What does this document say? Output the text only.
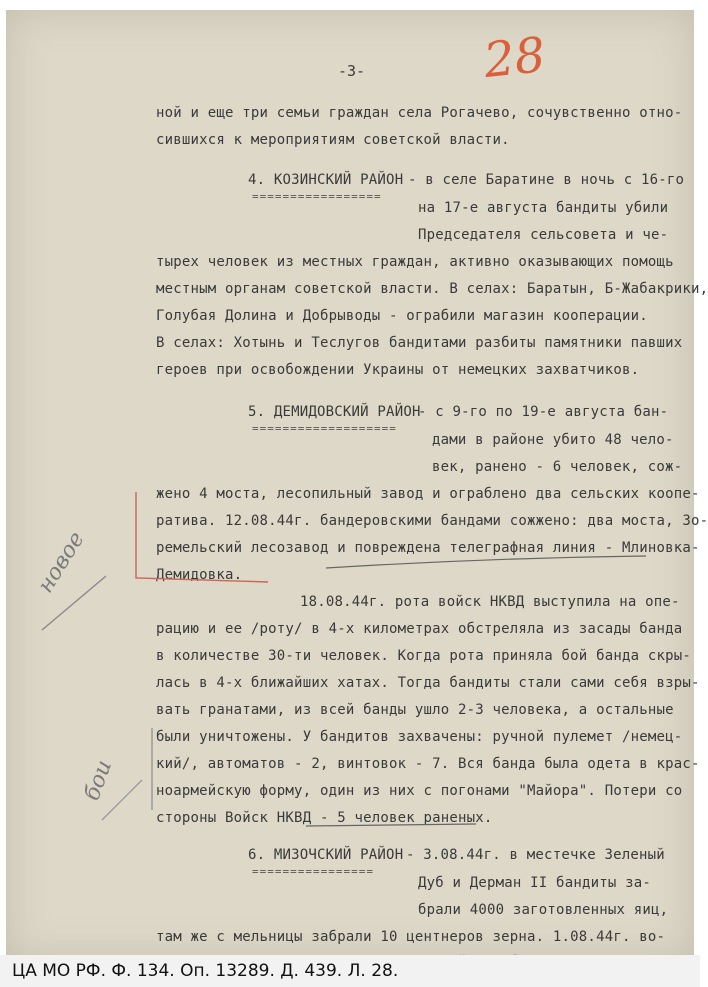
-3- 28
ной и еще три семьи граждан села Рогачево, сочувственно отно-
сившихся к мероприятиям советской власти.
4. КОЗИНСКИЙ РАЙОН - в селе Баратине в ночь с 16-го
=================
на 17-е августа бандиты убили
Председателя сельсовета и че-
тырех человек из местных граждан, активно оказывающих помощь
местным органам советской власти. В селах: Баратын, Б-Жабакрики,
Голубая Долина и Добрыводы - ограбили магазин кооперации.
В селах: Хотынь и Теслугов бандитами разбиты памятники павших
героев при освобождении Украины от немецких захватчиков.
5. ДЕМИДОВСКИЙ РАЙОН
- с 9-го по 19-е августа бан-
===================
дами в районе убито 48 чело-
век, ранено - 6 человек, сож-
жено 4 моста, лесопильный завод и ограблено два сельских коопе-
ратива. 12.08.44г. бандеровскими бандами сожжено: два моста, Зо-
ремельский лесозавод и повреждена телеграфная линия - Млиновка-
Демидовка.
18.08.44г. рота войск НКВД выступила на опе-
рацию и ее /роту/ в 4-х километрах обстреляла из засады банда
в количестве 30-ти человек. Когда рота приняла бой банда скры-
лась в 4-х ближайших хатах. Тогда бандиты стали сами себя взры-
вать гранатами, из всей банды ушло 2-3 человека, а остальные
были уничтожены. У бандитов захвачены: ручной пулемет /немец-
кий/, автоматов - 2, винтовок - 7. Вся банда была одета в крас-
ноармейскую форму, один из них с погонами "Майора". Потери со
стороны Войск НКВД - 5 человек раненых.
6. МИЗОЧСКИЙ РАЙОН - 3.08.44г. в местечке Зеленый
================
Дуб и Дерман II бандиты за-
брали 4000 заготовленных яиц,
там же с мельницы забрали 10 центнеров зерна. 1.08.44г. во-
новое
бои
ЦА МО РФ. Ф. 134. Оп. 13289. Д. 439. Л. 28.
